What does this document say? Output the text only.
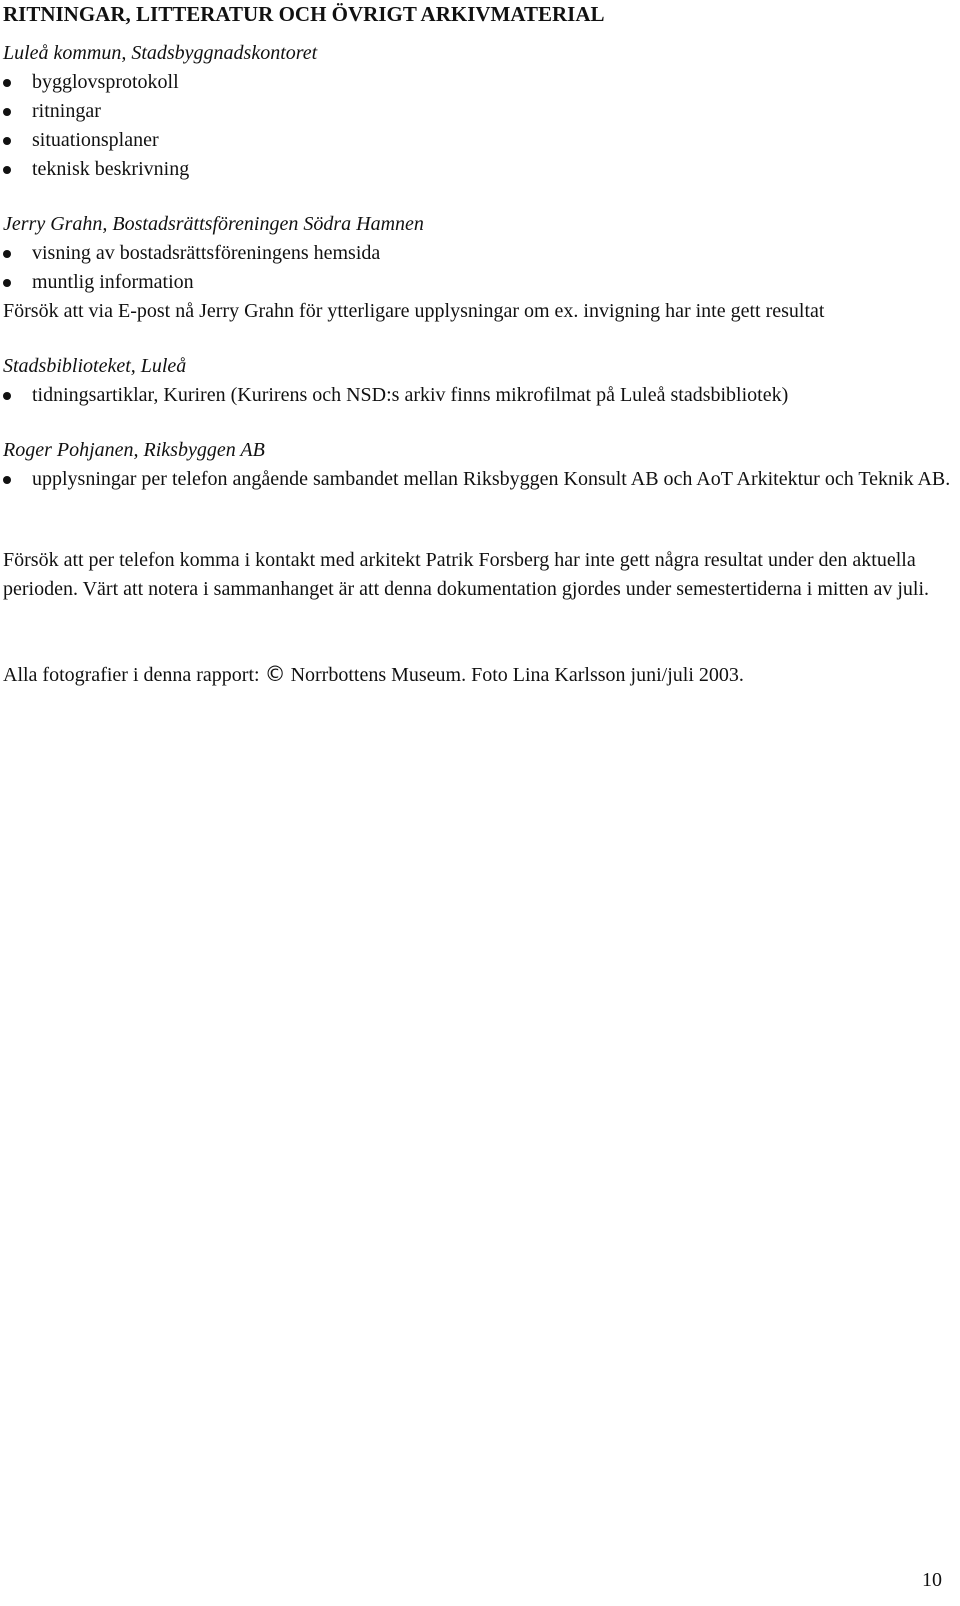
RITNINGAR, LITTERATUR OCH ÖVRIGT ARKIVMATERIAL

Luleå kommun, Stadsbyggnadskontoret

bygglovsprotokoll
ritningar
situationsplaner
teknisk beskrivning

Jerry Grahn, Bostadsrättsföreningen Södra Hamnen

visning av bostadsrättsföreningens hemsida
muntlig information

Försök att via E-post nå Jerry Grahn för ytterligare upplysningar om ex. invigning har inte gett resultat

Stadsbiblioteket, Luleå

tidningsartiklar, Kuriren (Kurirens och NSD:s arkiv finns mikrofilmat på Luleå stadsbibliotek)

Roger Pohjanen, Riksbyggen AB

upplysningar per telefon angående sambandet mellan Riksbyggen Konsult AB och AoT Arkitektur och Teknik AB.

Försök att per telefon komma i kontakt med arkitekt Patrik Forsberg har inte gett några resultat under den aktuella perioden. Värt att notera i sammanhanget är att denna dokumentation gjordes under semestertiderna i mitten av juli.

Alla fotografier i denna rapport: © Norrbottens Museum. Foto Lina Karlsson juni/juli 2003.

10
